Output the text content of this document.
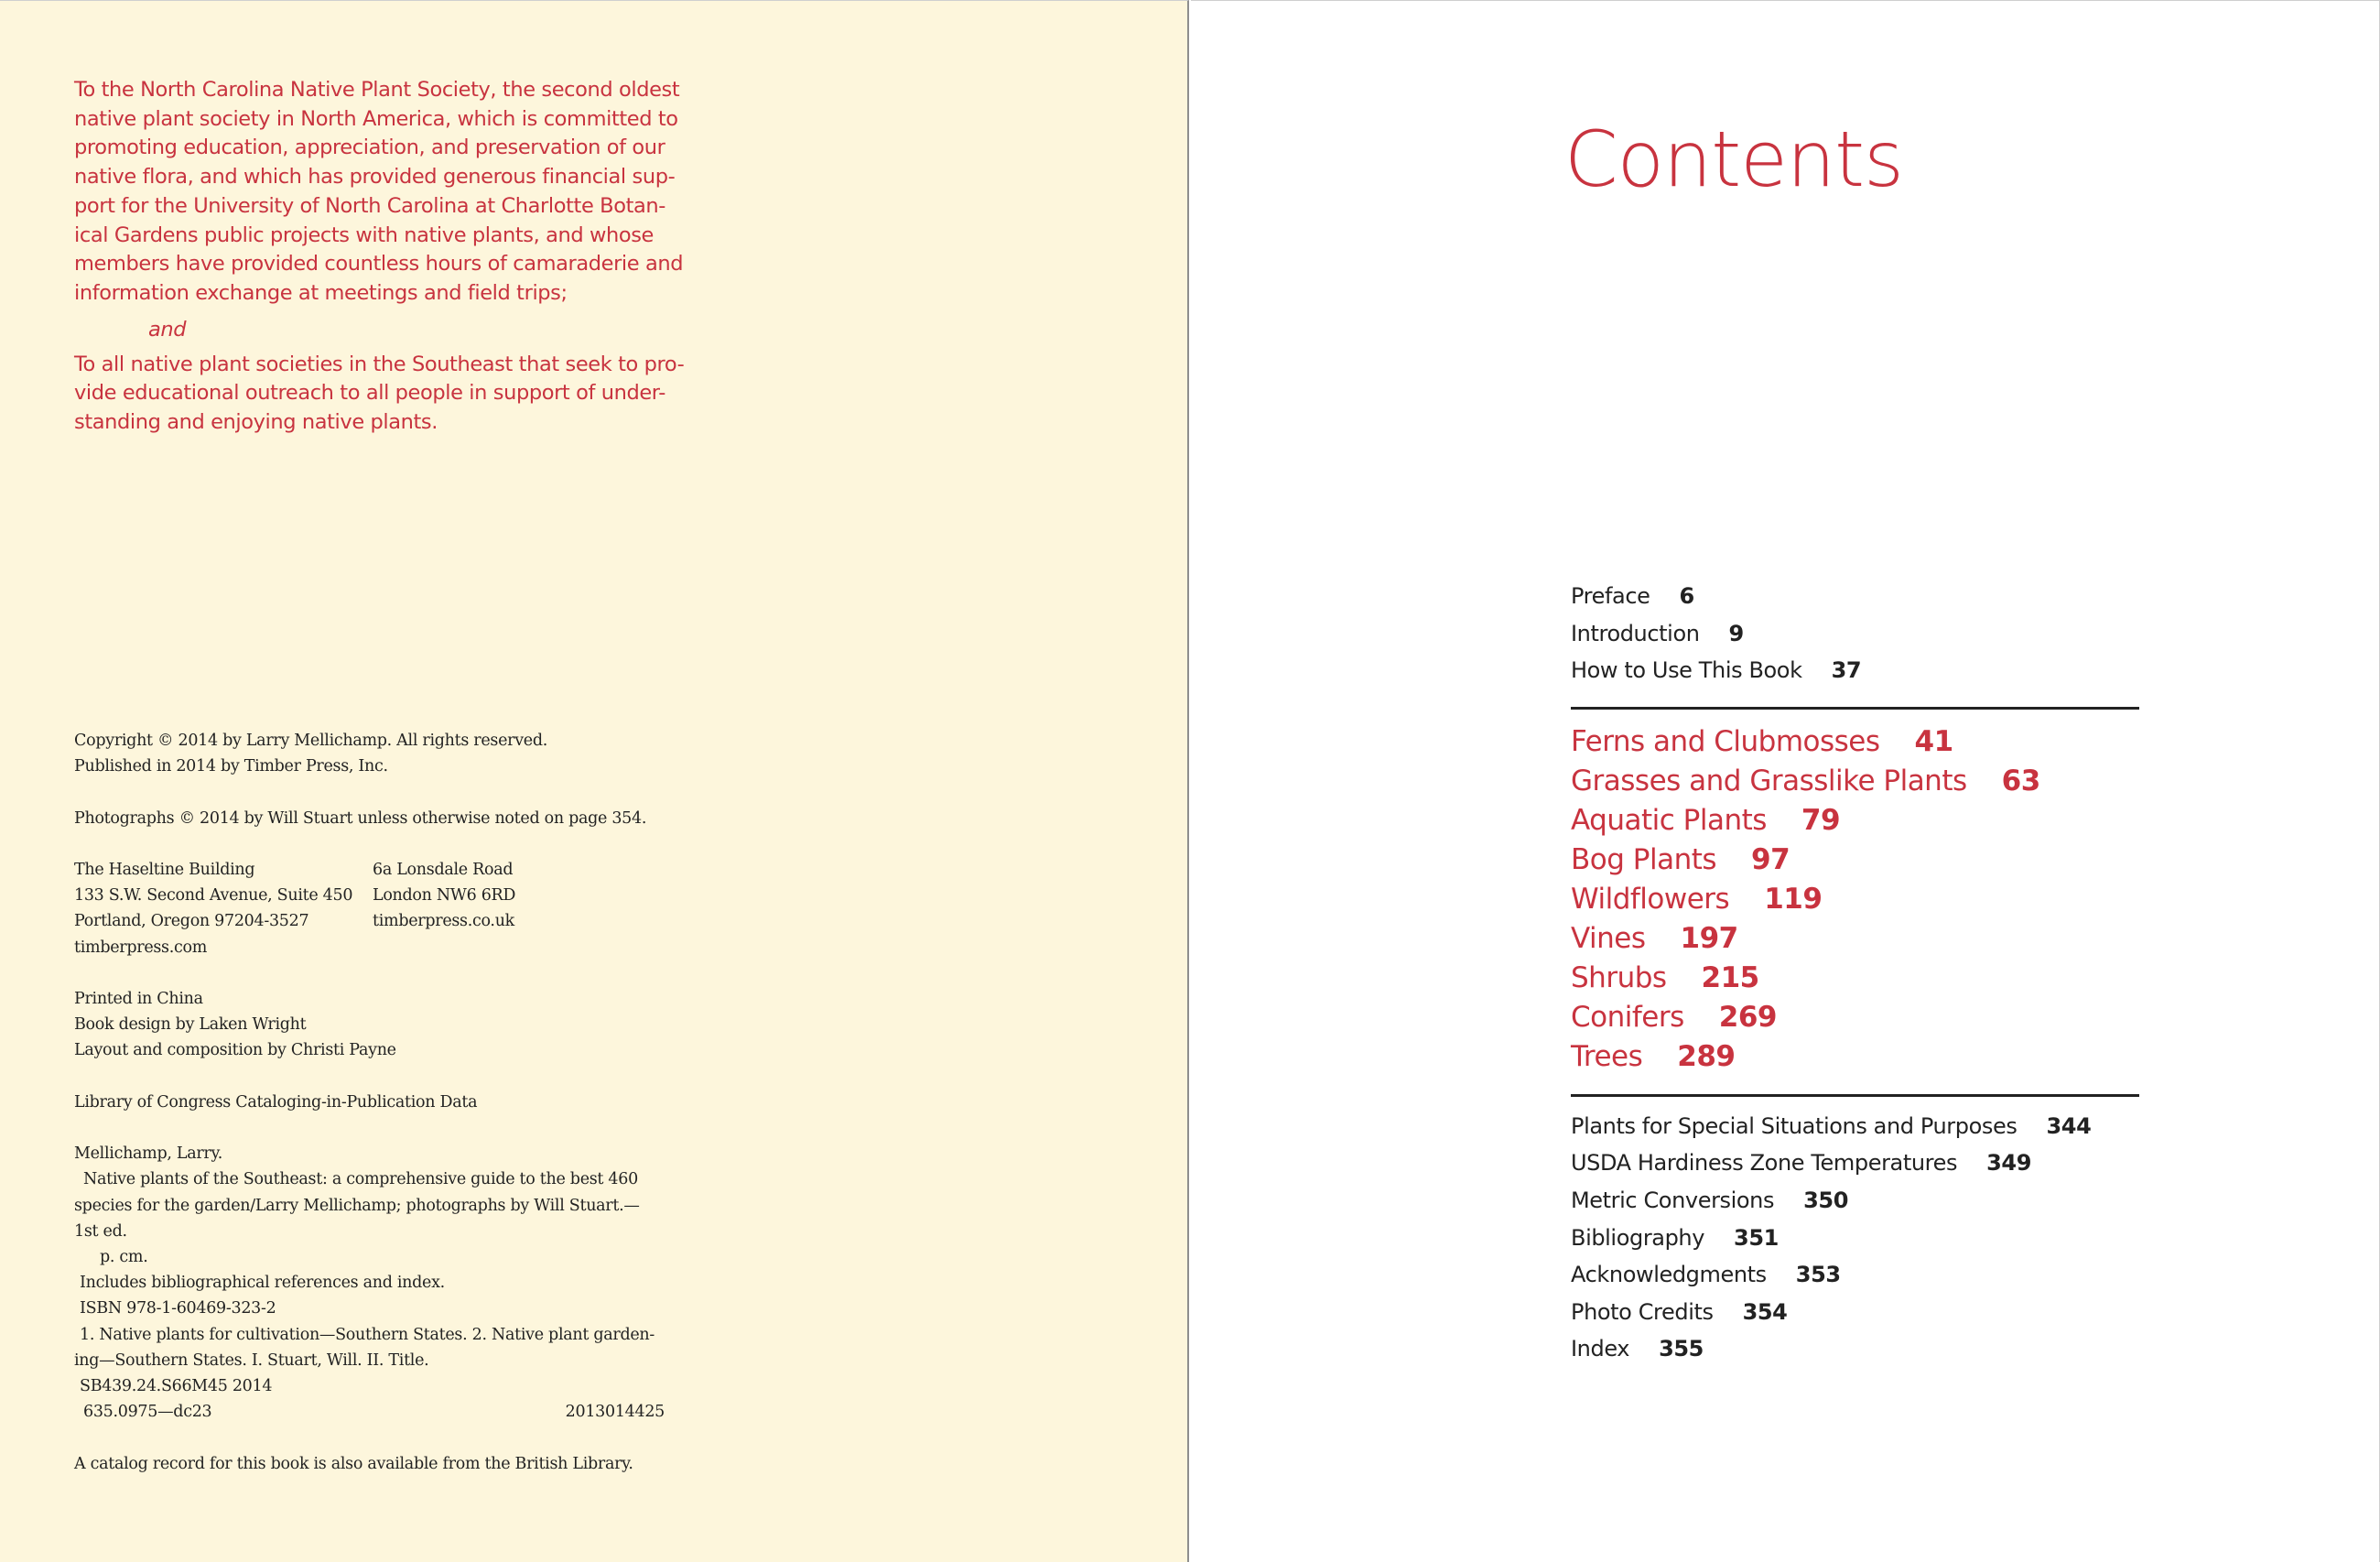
To the North Carolina Native Plant Society, the second oldest
native plant society in North America, which is committed to
promoting education, appreciation, and preservation of our
native flora, and which has provided generous financial sup-
port for the University of North Carolina at Charlotte Botan-
ical Gardens public projects with native plants, and whose
members have provided countless hours of camaraderie and
information exchange at meetings and field trips;
and
To all native plant societies in the Southeast that seek to pro-
vide educational outreach to all people in support of under-
standing and enjoying native plants.
Copyright © 2014 by Larry Mellichamp. All rights reserved.
Published in 2014 by Timber Press, Inc.
Photographs © 2014 by Will Stuart unless otherwise noted on page 354.
The Haseltine Building
133 S.W. Second Avenue, Suite 450
Portland, Oregon 97204-3527
timberpress.com
6a Lonsdale Road
London NW6 6RD
timberpress.co.uk
Printed in China
Book design by Laken Wright
Layout and composition by Christi Payne
Library of Congress Cataloging-in-Publication Data
Mellichamp, Larry.
Native plants of the Southeast: a comprehensive guide to the best 460
species for the garden/Larry Mellichamp; photographs by Will Stuart.—
1st ed.
p. cm.
Includes bibliographical references and index.
ISBN 978-1-60469-323-2
1. Native plants for cultivation—Southern States. 2. Native plant garden-
ing—Southern States. I. Stuart, Will. II. Title.
SB439.24.S66M45 2014
635.0975—dc23	2013014425
A catalog record for this book is also available from the British Library.
Contents
Preface 6
Introduction 9
How to Use This Book 37
Ferns and Clubmosses 41
Grasses and Grasslike Plants 63
Aquatic Plants 79
Bog Plants 97
Wildflowers 119
Vines 197
Shrubs 215
Conifers 269
Trees 289
Plants for Special Situations and Purposes 344
USDA Hardiness Zone Temperatures 349
Metric Conversions 350
Bibliography 351
Acknowledgments 353
Photo Credits 354
Index 355
